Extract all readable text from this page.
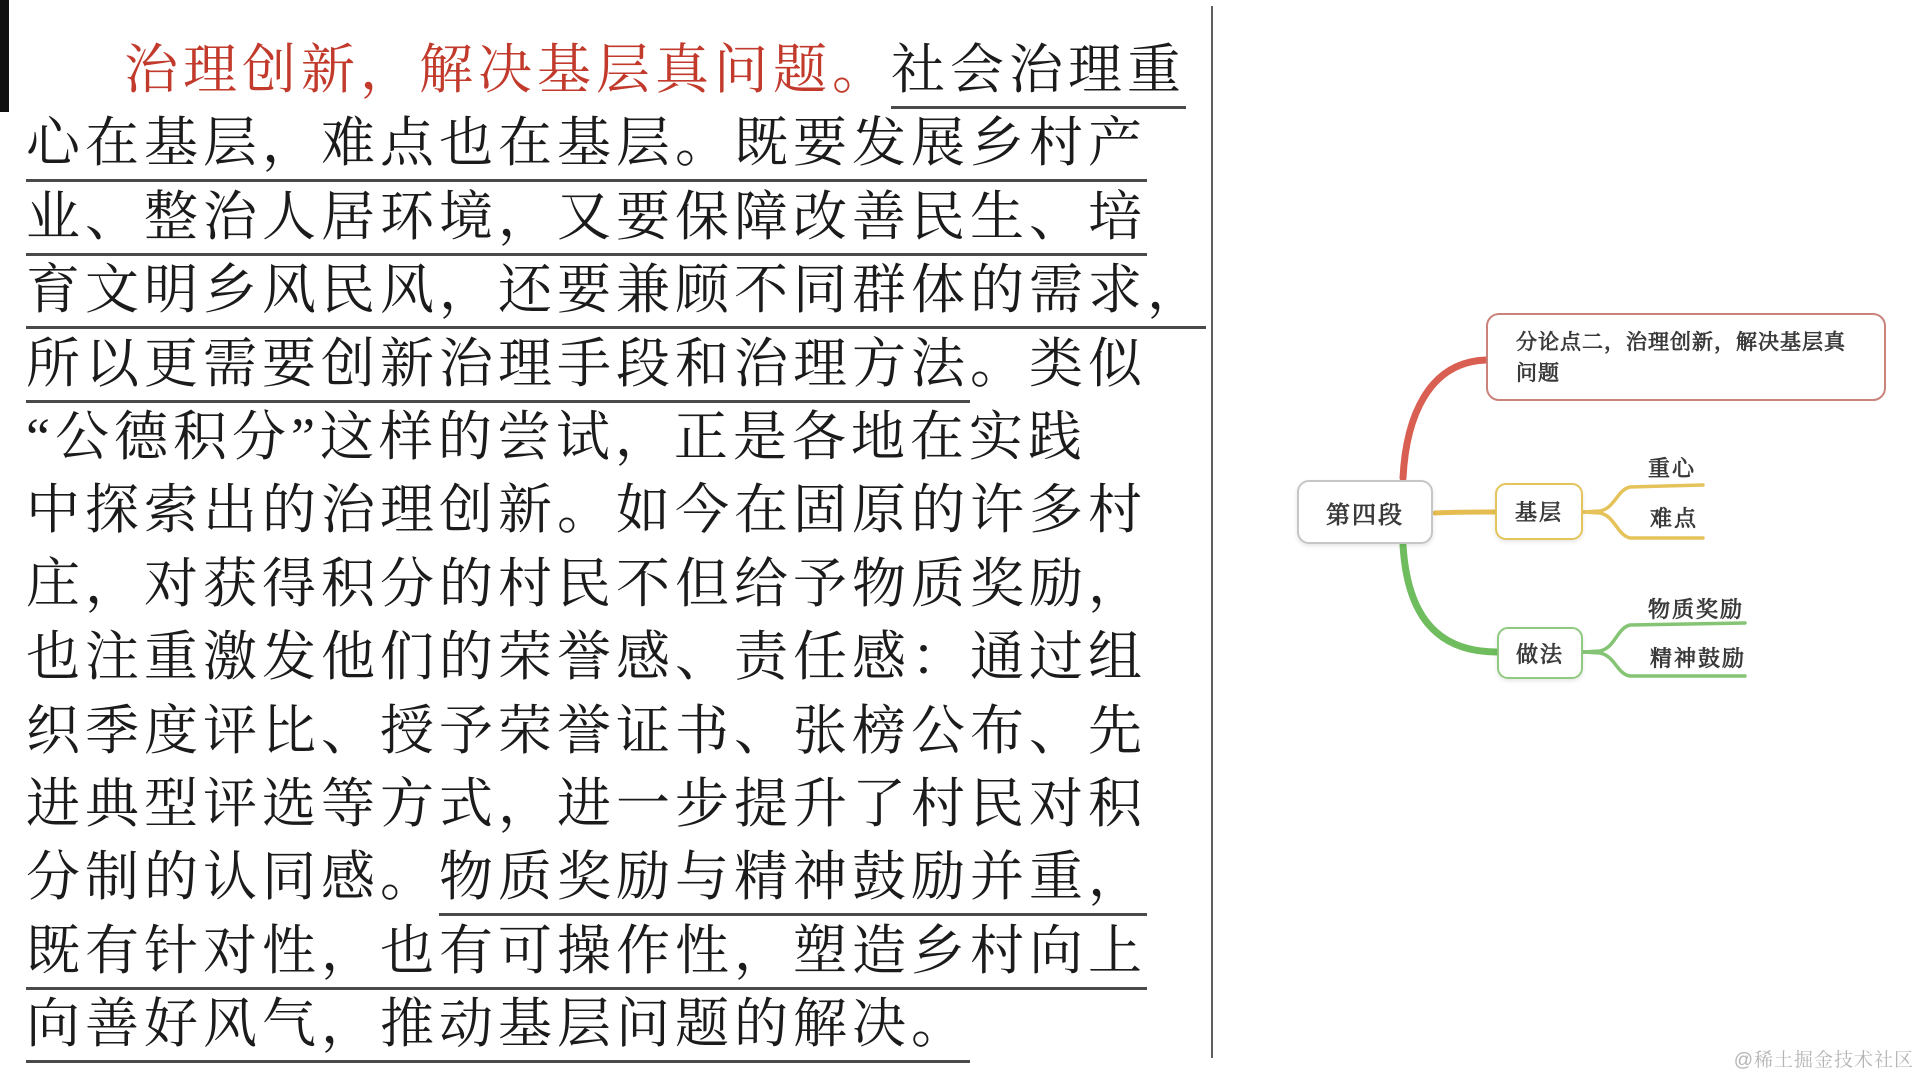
治理创新，解决基层真问题。社会治理重
心在基层，难点也在基层。既要发展乡村产
业、整治人居环境，又要保障改善民生、培
育文明乡风民风，还要兼顾不同群体的需求，
所以更需要创新治理手段和治理方法。类似
“公德积分”这样的尝试，正是各地在实践
中探索出的治理创新。如今在固原的许多村
庄，对获得积分的村民不但给予物质奖励，
也注重激发他们的荣誉感、责任感：通过组
织季度评比、授予荣誉证书、张榜公布、先
进典型评选等方式，进一步提升了村民对积
分制的认同感。物质奖励与精神鼓励并重，
既有针对性，也有可操作性，塑造乡村向上
向善好风气，推动基层问题的解决。
第四段
分论点二，治理创新，解决基层真问题
基层
重心
难点
做法
物质奖励
精神鼓励
@稀土掘金技术社区
